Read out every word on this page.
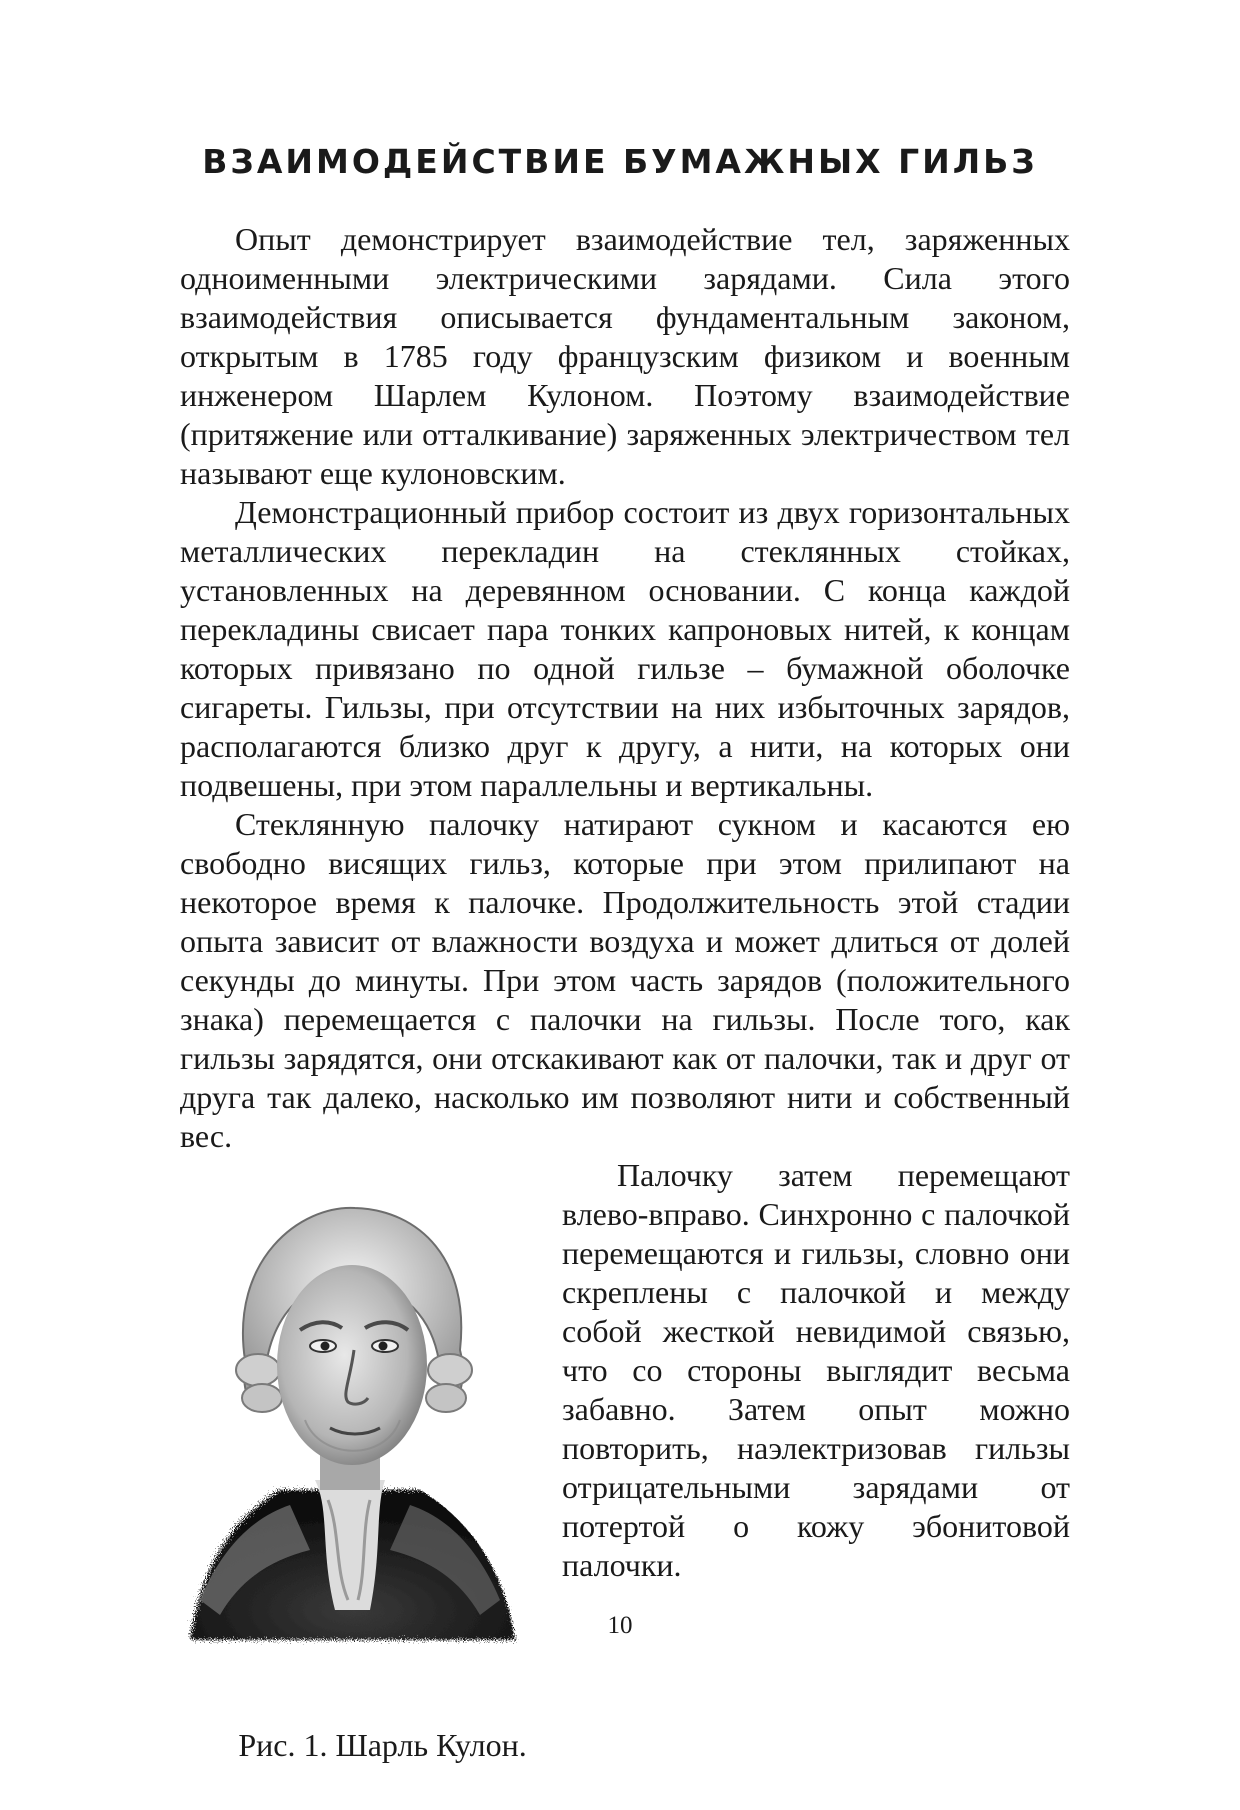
ВЗАИМОДЕЙСТВИЕ БУМАЖНЫХ ГИЛЬЗ

Опыт демонстрирует взаимодействие тел, заряженных одноименными электрическими зарядами. Сила этого взаимодействия описывается фундаментальным законом, открытым в 1785 году французским физиком и военным инженером Шарлем Кулоном. Поэтому взаимодействие (притяжение или отталкивание) заряженных электричеством тел называют еще кулоновским.

Демонстрационный прибор состоит из двух горизонтальных металлических перекладин на стеклянных стойках, установленных на деревянном основании. С конца каждой перекладины свисает пара тонких капроновых нитей, к концам которых привязано по одной гильзе – бумажной оболочке сигареты. Гильзы, при отсутствии на них избыточных зарядов, располагаются близко друг к другу, а нити, на которых они подвешены, при этом параллельны и вертикальны.

Стеклянную палочку натирают сукном и касаются ею свободно висящих гильз, которые при этом прилипают на некоторое время к палочке. Продолжительность этой стадии опыта зависит от влажности воздуха и может длиться от долей секунды до минуты. При этом часть зарядов (положительного знака) перемещается с палочки на гильзы. После того, как гильзы зарядятся, они отскакивают как от палочки, так и друг от друга так далеко, насколько им позволяют нити и собственный вес.

Рис. 1. Шарль Кулон.

Палочку затем перемещают влево-вправо. Синхронно с палочкой перемещаются и гильзы, словно они скреплены с палочкой и между собой жесткой невидимой связью, что со стороны выглядит весьма забавно. Затем опыт можно повторить, наэлектризовав гильзы отрицательными зарядами от потертой о кожу эбонитовой палочки.

10
